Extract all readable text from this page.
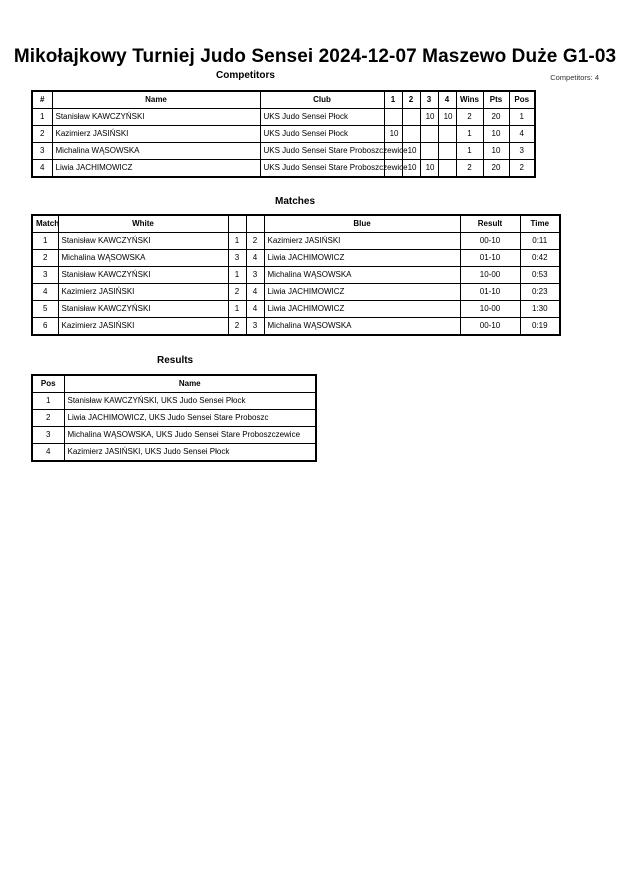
Mikołajkowy Turniej Judo Sensei 2024-12-07 Maszewo Duże G1-03
Competitors	Competitors: 4
#	Name	Club	1	2	3	4	Wins	Pts	Pos
1	Stanisław KAWCZYŃSKI	UKS Judo Sensei Płock			10	10	2	20	1
2	Kazimierz JASIŃSKI	UKS Judo Sensei Płock	10				1	10	4
3	Michalina WĄSOWSKA	UKS Judo Sensei Stare Proboszczewice		10			1	10	3
4	Liwia JACHIMOWICZ	UKS Judo Sensei Stare Proboszczewice		10	10		2	20	2
Matches
Match	White			Blue	Result	Time
1	Stanisław KAWCZYŃSKI	1	2	Kazimierz JASIŃSKI	00-10	0:11
2	Michalina WĄSOWSKA	3	4	Liwia JACHIMOWICZ	01-10	0:42
3	Stanisław KAWCZYŃSKI	1	3	Michalina WĄSOWSKA	10-00	0:53
4	Kazimierz JASIŃSKI	2	4	Liwia JACHIMOWICZ	01-10	0:23
5	Stanisław KAWCZYŃSKI	1	4	Liwia JACHIMOWICZ	10-00	1:30
6	Kazimierz JASIŃSKI	2	3	Michalina WĄSOWSKA	00-10	0:19
Results
Pos	Name
1	Stanisław KAWCZYŃSKI, UKS Judo Sensei Płock
2	Liwia JACHIMOWICZ, UKS Judo Sensei Stare Proboszc
3	Michalina WĄSOWSKA, UKS Judo Sensei Stare Proboszczewice
4	Kazimierz JASIŃSKI, UKS Judo Sensei Płock
